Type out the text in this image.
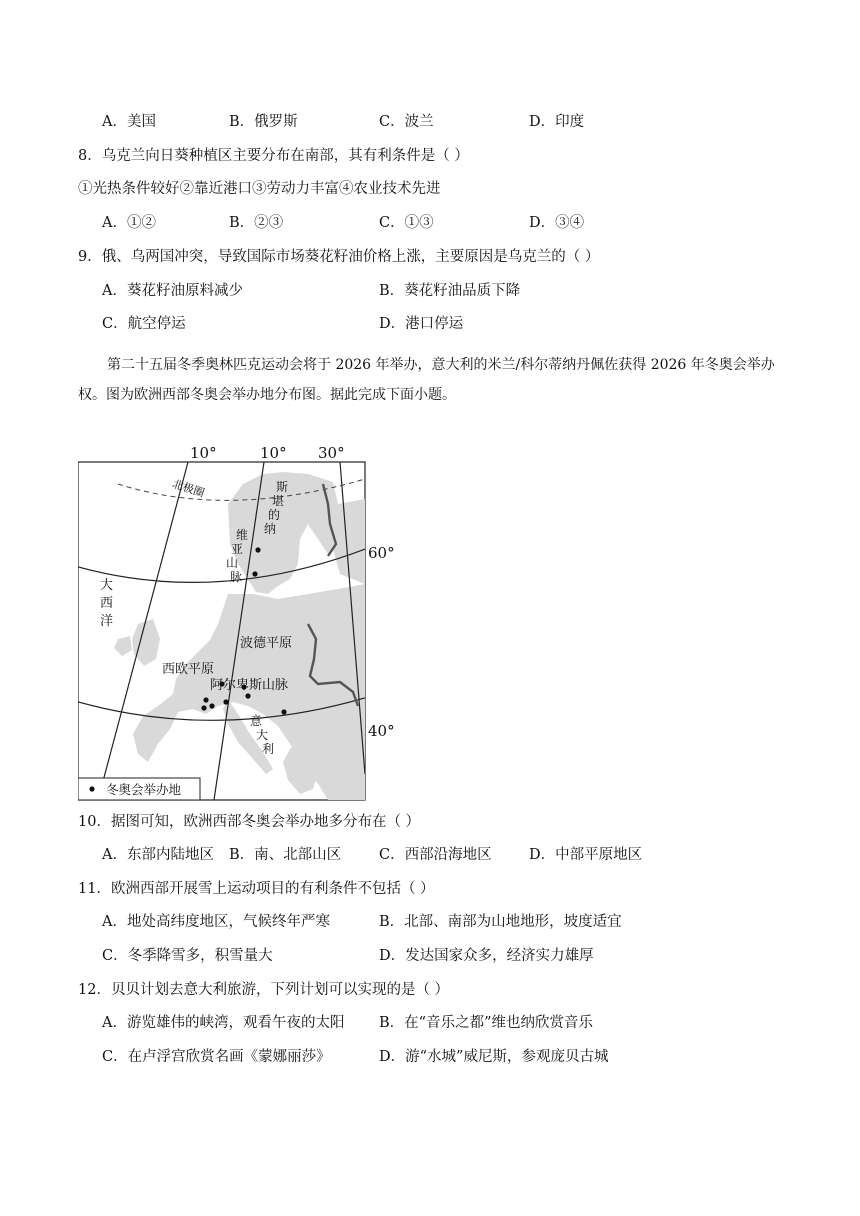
A．美国	B．俄罗斯	C．波兰	D．印度
8．乌克兰向日葵种植区主要分布在南部，其有利条件是（ ）
①光热条件较好②靠近港口③劳动力丰富④农业技术先进
A．①②	B．②③	C．①③	D．③④
9．俄、乌两国冲突，导致国际市场葵花籽油价格上涨，主要原因是乌克兰的（ ）
A．葵花籽油原料减少	B．葵花籽油品质下降
C．航空停运	D．港口停运
第二十五届冬季奥林匹克运动会将于 2026 年举办，意大利的米兰/科尔蒂纳丹佩佐获得 2026 年冬奥会举办权。图为欧洲西部冬奥会举办地分布图。据此完成下面小题。
10°	10° 30°
60°
40°
北极圈
大
西
洋
斯
堪
的
纳
维
亚
山
脉
波德平原
西欧平原
阿尔卑斯山脉
意
大
利
冬奥会举办地
10．据图可知，欧洲西部冬奥会举办地多分布在（ ）
A．东部内陆地区 B．南、北部山区	C．西部沿海地区	D．中部平原地区
11．欧洲西部开展雪上运动项目的有利条件不包括（ ）
A．地处高纬度地区，气候终年严寒	B．北部、南部为山地地形，坡度适宜
C．冬季降雪多，积雪量大	D．发达国家众多，经济实力雄厚
12．贝贝计划去意大利旅游，下列计划可以实现的是（ ）
A．游览雄伟的峡湾，观看午夜的太阳 B．在“音乐之都”维也纳欣赏音乐
C．在卢浮宫欣赏名画《蒙娜丽莎》	D．游“水城”威尼斯，参观庞贝古城
